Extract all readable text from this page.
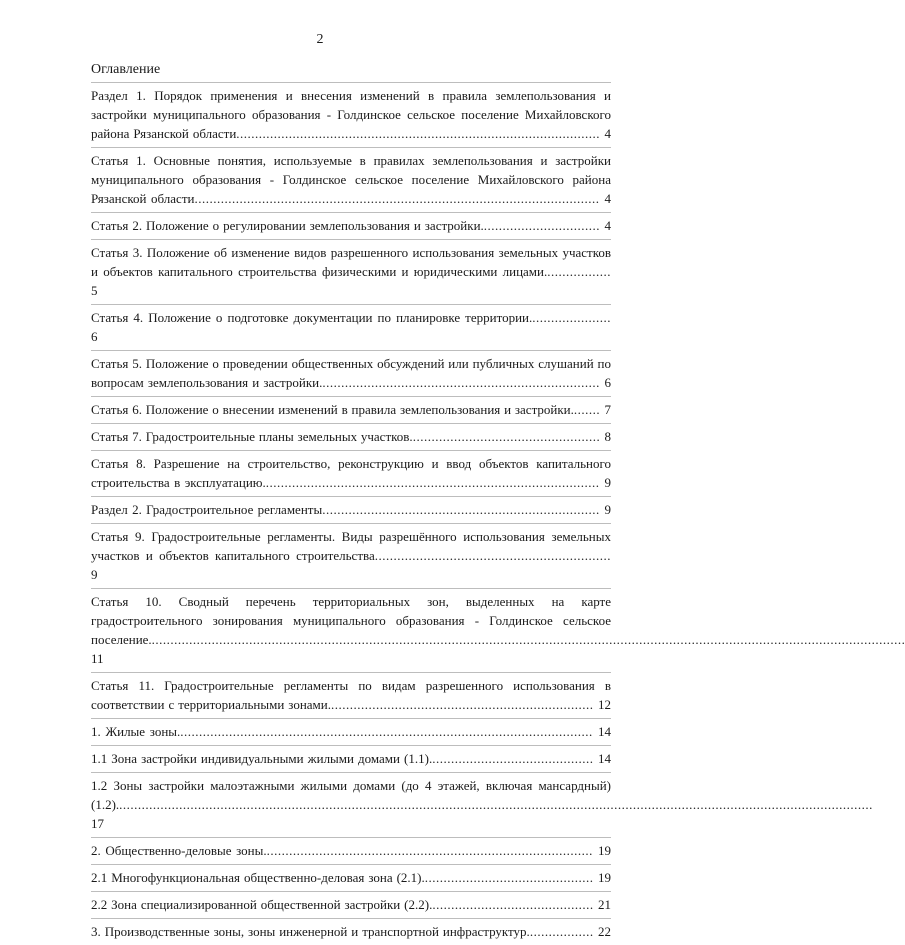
2
Оглавление
Раздел 1. Порядок применения и внесения изменений в правила землепользования и застройки муниципального образования - Голдинское сельское поселение Михайловского района Рязанской области................................................................................................. 4
Статья 1. Основные понятия, используемые в правилах землепользования и застройки муниципального образования - Голдинское сельское поселение Михайловского района Рязанской области............................................................................................................ 4
Статья 2. Положение о регулировании землепользования и застройки................................ 4
Статья 3. Положение об изменение видов разрешенного использования земельных участков и объектов капитального строительства физическими и юридическими лицами.................. 5
Статья 4. Положение о подготовке документации по планировке территории...................... 6
Статья 5. Положение о проведении общественных обсуждений или публичных слушаний по вопросам землепользования и застройки........................................................................... 6
Статья 6. Положение о внесении изменений в правила землепользования и застройки........ 7
Статья 7. Градостроительные планы земельных участков................................................... 8
Статья 8. Разрешение на строительство, реконструкцию и ввод объектов капитального строительства в эксплуатацию.......................................................................................... 9
Раздел 2. Градостроительное регламенты.......................................................................... 9
Статья 9. Градостроительные регламенты. Виды разрешённого использования земельных участков и объектов капитального строительства............................................................... 9
Статья 10. Сводный перечень территориальных зон, выделенных на карте градостроительного зонирования муниципального образования - Голдинское сельское поселение.......................................................................................................................................................................................................... 11
Статья 11. Градостроительные регламенты по видам разрешенного использования в соответствии с территориальными зонами....................................................................... 12
1. Жилые зоны............................................................................................................... 14
1.1 Зона застройки индивидуальными жилыми домами (1.1)............................................ 14
1.2 Зоны застройки малоэтажными жилыми домами (до 4 этажей, включая мансардный) (1.2).......................................................................................................................................................................................................... 17
2. Общественно-деловые зоны........................................................................................ 19
2.1 Многофункциональная общественно-деловая зона (2.1).............................................. 19
2.2 Зона специализированной общественной застройки (2.2)............................................ 21
3. Производственные зоны, зоны инженерной и транспортной инфраструктур.................. 22
